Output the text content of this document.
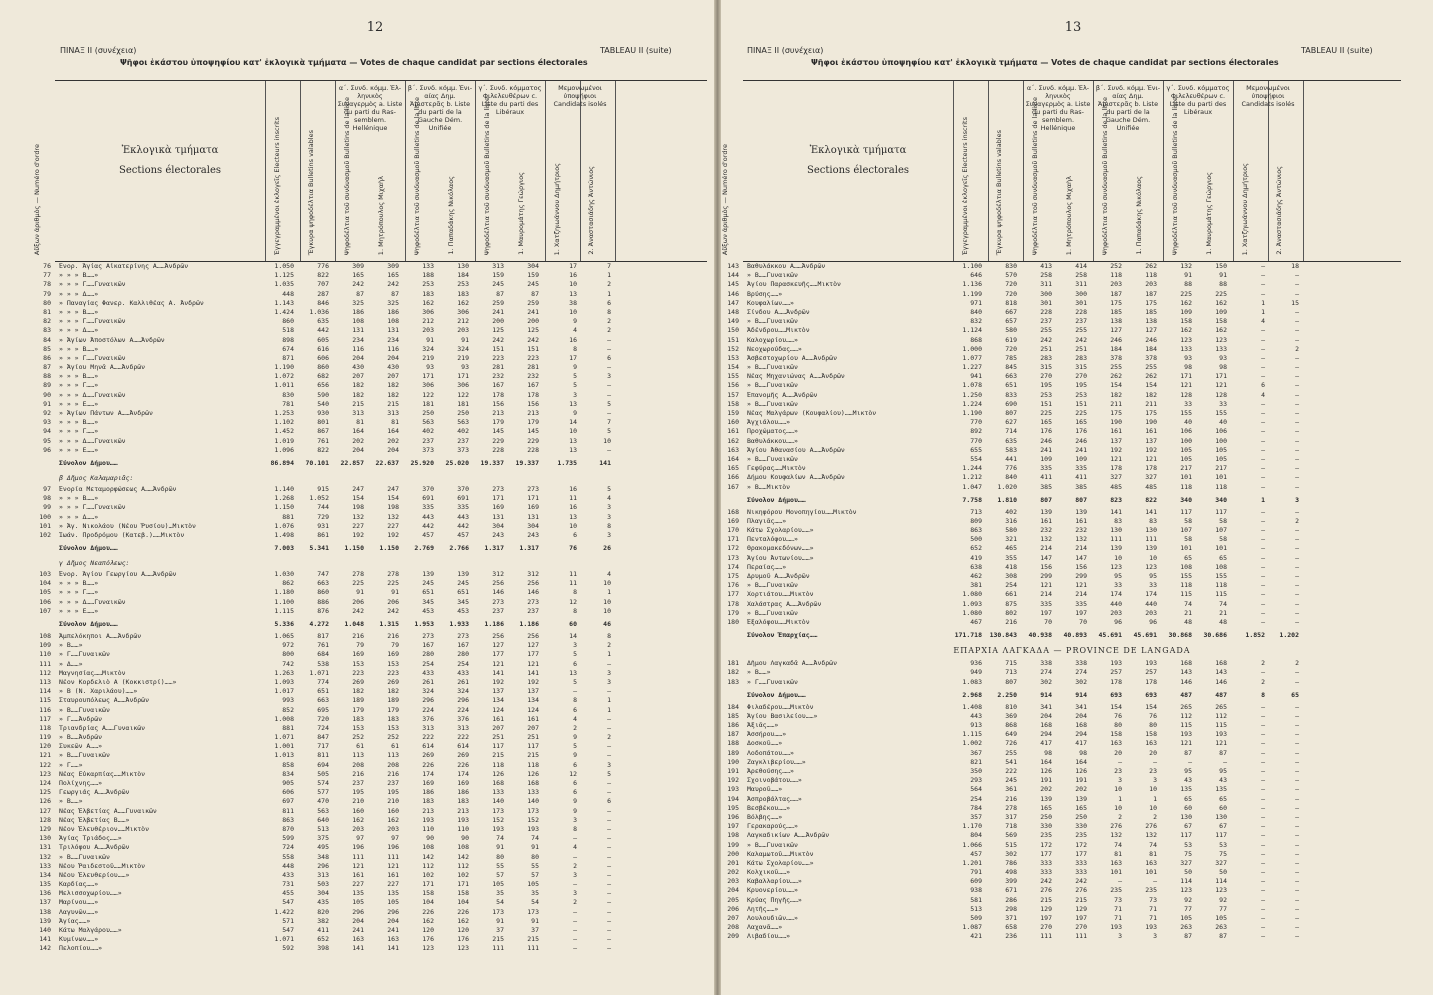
12
ΠΙΝΑΞ II (συνέχεια)	TABLEAU II (suite)
Ψῆφοι ἑκάστου ὑποψηφίου κατ' ἐκλογικὰ τμήματα — Votes de chaque candidat par sections électorales
Ἐκλογικὰ τμήματα
Sections électorales
Αὔξων ἀριθμὸς — Numéro d'ordre	Ἐγγεγραμμένοι ἐκλογεῖς Electeurs inscrits	Ἔγκυρα ψηφοδέλτια Bulletins valables	Ψηφοδέλτια τοῦ συνδυασμοῦ Bulletins de la liste	1. Μητρόπουλος Μιχαὴλ	Ψηφοδέλτια τοῦ συνδυασμοῦ Bulletins de la liste	1. Παπαδάκης Νικόλαος	Ψηφοδέλτια τοῦ συνδυασμοῦ Bulletins de la liste	1. Μαυρομάτης Γεώργιος	1. Χατζηιωάννου Δημήτριος	2. Ἀναστασιάδης Ἀντώνιος
α΄. Συνδ. κόμμ. Ἑλ-ληνικὸς Συναγερμὸς a. Liste du parti du Ras-semblem. Hellénique
β΄. Συνδ. κόμμ. Ἑνι-αίας Δημ. Ἀριστερᾶς b. Liste du parti de la Gauche Dém. Unifiée
γ΄. Συνδ. κόμματος Φιλελευθέρων c. Liste du parti des Libéraux
Μεμονωμένοι ὑποψήφιοι Candidats isolés
76 Ἑνορ. Ἁγίας Αἰκατερίνης Α……Ἀνδρῶν	1.050	776	309	309	133	130	313	304	17	7
77 » » » Β……»	1.125	822	165	165	188	184	159	159	16	1
78 » » » Γ……Γυναικῶν	1.035	707	242	242	253	253	245	245	10	2
79 » » » Δ……»	448	287	87	87	183	183	87	87	13	1
80 » Παναγίας Φανερ. Καλλιθέας Α. Ἀνδρῶν	1.143	846	325	325	162	162	259	259	38	6
81 » » » Β……»	1.424	1.036	186	186	306	306	241	241	10	8
82 » » » Γ……Γυναικῶν	860	635	108	108	212	212	200	200	9	2
83 » » » Δ……»	518	442	131	131	203	203	125	125	4	2
84 » Ἁγίων Ἀποστόλων Α……Ἀνδρῶν	898	605	234	234	91	91	242	242	16	—
85 » » » Β……»	674	616	116	116	324	324	151	151	8	—
86 » » » Γ……Γυναικῶν	871	606	204	204	219	219	223	223	17	6
87 » Ἁγίου Μηνᾶ Α……Ἀνδρῶν	1.190	860	430	430	93	93	281	281	9	—
88 » » » Β……»	1.072	682	207	207	171	171	232	232	5	3
89 » » » Γ……»	1.011	656	182	182	306	306	167	167	5	—
90 » » » Δ……Γυναικῶν	830	590	182	182	122	122	178	178	3	—
91 » » » Ε……»	781	540	215	215	181	181	156	156	13	5
92 » Ἁγίων Πάντων Α……Ἀνδρῶν	1.253	930	313	313	250	250	213	213	9	—
93 » » » Β……»	1.102	801	81	81	563	563	179	179	14	7
94 » » » Γ……»	1.452	867	164	164	402	402	145	145	10	5
95 » » » Δ……Γυναικῶν	1.019	761	202	202	237	237	229	229	13	10
96 » » » Ε……»	1.096	822	204	204	373	373	228	228	13	—
Σύνολον Δήμου……	86.894	70.101	22.857	22.637	25.920	25.020	19.337	19.337	1.735	141
β Δῆμος Καλαμαριᾶς:
97 Ἐνορία Μεταμορφώσεως Α……Ἀνδρῶν	1.140	915	247	247	370	370	273	273	16	5
98 » » » Β……»	1.268	1.052	154	154	691	691	171	171	11	4
99 » » » Γ……Γυναικῶν	1.150	744	198	198	335	335	169	169	16	3
100 » » » Δ……»	881	729	132	132	443	443	131	131	13	3
101 » Ἁγ. Νικολάου (Νέου Ῥυσίου)…Μικτὸν	1.076	931	227	227	442	442	304	304	10	8
102 Ἰωάν. Προδρόμου (Κατεβ.)……Μικτὸν	1.498	861	192	192	457	457	243	243	6	3
Σύνολον Δήμου……	7.003	5.341	1.150	1.150	2.769	2.766	1.317	1.317	76	26
γ Δῆμος Νεαπόλεως:
103 Ἐνορ. Ἁγίου Γεωργίου Α……Ἀνδρῶν	1.030	747	278	278	139	139	312	312	11	4
104 » » » Β……»	862	663	225	225	245	245	256	256	11	10
105 » » » Γ……»	1.180	860	91	91	651	651	146	146	8	1
106 » » » Δ……Γυναικῶν	1.100	886	206	206	345	345	273	273	12	10
107 » » » Ε……»	1.115	876	242	242	453	453	237	237	8	10
Σύνολον Δήμου……	5.336	4.272	1.048	1.315	1.953	1.933	1.186	1.186	60	46
108 Ἀμπελόκηποι Α……Ἀνδρῶν	1.065	817	216	216	273	273	256	256	14	8
109 » Β……»	972	761	79	79	167	167	127	127	3	2
110 » Γ……Γυναικῶν	800	684	169	169	280	280	177	177	5	1
111 » Δ……»	742	538	153	153	254	254	121	121	6	—
112 Μαγνησίας……Μικτὸν	1.263	1.071	223	223	433	433	141	141	13	3
113 Νέον Κορδελιὸ Α (Κοκκιστρί)……»	1.093	774	269	269	261	261	192	192	5	3
114 » Β (Ν. Χαριλάου)……»	1.017	651	182	182	324	324	137	137	—	—
115 Σταυρουπόλεως Α……Ἀνδρῶν	993	663	189	189	296	296	134	134	8	1
116 » Β……Γυναικῶν	852	695	179	179	224	224	124	124	6	1
117 » Γ……Ἀνδρῶν	1.008	720	183	183	376	376	161	161	4	—
118 Τριανδρίας Α……Γυναικῶν	881	724	153	153	313	313	207	207	2	—
119 » Β……Ἀνδρῶν	1.071	847	252	252	222	222	251	251	9	2
120 Συκεῶν Α……»	1.001	717	61	61	614	614	117	117	5	—
121 » Β……Γυναικῶν	1.013	811	113	113	269	269	215	215	9	—
122 » Γ……»	858	694	208	208	226	226	118	118	6	3
123 Νέας Εὐκαρπίας……Μικτὸν	834	505	216	216	174	174	126	126	12	5
124 Πολίχνης……»	905	574	237	237	169	169	168	168	6	—
125 Γεωργιάς Α……Ἀνδρῶν	606	577	195	195	186	186	133	133	6	—
126 » Β……»	697	470	210	210	183	183	140	140	9	6
127 Νέας Ἐλβετίας Α……Γυναικῶν	811	563	160	160	213	213	173	173	9	—
128 Νέας Ἐλβετίας Β……»	863	640	162	162	193	193	152	152	3	—
129 Νέον Ἐλευθέριον……Μικτὸν	870	513	203	203	110	110	193	193	8	—
130 Ἁγίας Τριάδος……»	599	375	97	97	90	90	74	74	—	—
131 Τριλόφου Α……Ἀνδρῶν	724	495	196	196	108	108	91	91	4	—
132 » Β……Γυναικῶν	558	348	111	111	142	142	80	80	—	—
133 Νέου Ῥαιδεστοῦ……Μικτὸν	448	296	121	121	112	112	55	55	2	—
134 Νέου Ἐλευθερίου……»	433	313	161	161	102	102	57	57	3	—
135 Καρδίας……»	731	503	227	227	171	171	105	105	—	—
136 Μελισσοχωρίου……»	455	304	135	135	158	158	35	35	3	—
137 Μαρίνου……»	547	435	105	105	104	104	54	54	2	—
138 Λαγυνῶν……»	1.422	820	296	296	226	226	173	173	—	—
139 Ἀγίας……»	571	382	204	204	162	162	91	91	—	—
140 Κάτω Μαλγάρου……»	547	411	241	241	120	120	37	37	—	—
141 Κυμίνων……»	1.071	652	163	163	176	176	215	215	—	—
142 Πελοπίου……»	592	398	141	141	123	123	111	111	—	—
13
ΠΙΝΑΞ II (συνέχεια)	TABLEAU II (suite)
Ψῆφοι ἑκάστου ὑποψηφίου κατ' ἐκλογικὰ τμήματα — Votes de chaque candidat par sections électorales
Ἐκλογικὰ τμήματα
Sections électorales
Αὔξων ἀριθμὸς — Numéro d'ordre	Ἐγγεγραμμένοι ἐκλογεῖς Electeurs inscrits	Ἔγκυρα ψηφοδέλτια Bulletins valables	Ψηφοδέλτια τοῦ συνδυασμοῦ Bulletins de la liste	1. Μητρόπουλος Μιχαὴλ	Ψηφοδέλτια τοῦ συνδυασμοῦ Bulletins de la liste	1. Παπαδάκης Νικόλαος	Ψηφοδέλτια τοῦ συνδυασμοῦ Bulletins de la liste	1. Μαυρομάτης Γεώργιος	1. Χατζηιωάννου Δημήτριος	2. Ἀναστασιάδης Ἀντώνιος
α΄. Συνδ. κόμμ. Ἑλ-ληνικὸς Συναγερμὸς a. Liste du parti du Ras-semblem. Hellénique
β΄. Συνδ. κόμμ. Ἑνι-αίας Δημ. Ἀριστερᾶς b. Liste du parti de la Gauche Dém. Unifiée
γ΄. Συνδ. κόμματος Φιλελευθέρων c. Liste du parti des Libéraux
Μεμονωμένοι ὑποψήφιοι Candidats isolés
143 Βαθυλάκκου Α……Ἀνδρῶν	1.100	830	413	414	252	262	132	150	—	18
144 » Β……Γυναικῶν	646	570	258	258	118	118	91	91	—	—
145 Ἄγίου Παρασκευῆς……Μικτὸν	1.136	720	311	311	203	203	88	88	—	—
146 Βρύσης……»	1.199	720	300	300	187	187	225	225	—	—
147 Κουφαλίων……»	971	818	301	301	175	175	162	162	1	15
148 Σίνδου Α……Ἀνδρῶν	840	667	228	228	185	185	109	109	1	—
149 » Β……Γυναικῶν	832	657	237	237	138	138	158	158	4	—
150 Ἀδένδρου……Μικτὸν	1.124	580	255	255	127	127	162	162	—	—
151 Καλοχωρίου……»	868	619	242	242	246	246	123	123	—	—
152 Νεοχωρούδας……»	1.000	720	251	251	184	184	133	133	—	2
153 Ἀσβεστοχωρίου Α……Ἀνδρῶν	1.077	785	283	283	378	378	93	93	—	—
154 » Β……Γυναικῶν	1.227	845	315	315	255	255	98	98	—	—
155 Νέας Μηχανιώνας Α……Ἀνδρῶν	941	663	270	270	262	262	171	171	—	—
156 » Β……Γυναικῶν	1.078	651	195	195	154	154	121	121	6	—
157 Ἐπανομῆς Α……Ἀνδρῶν	1.250	833	253	253	182	182	128	128	4	—
158 » Β……Γυναικῶν	1.224	690	151	151	211	211	33	33	—	—
159 Νέας Μαλγάρων (Κουφαλίου)……Μικτὸν	1.190	807	225	225	175	175	155	155	—	—
160 Ἀγχιάλου……»	770	627	165	165	190	190	40	40	—	—
161 Προχώματος……»	892	714	176	176	161	161	106	106	—	—
162 Βαθυλάκκου……»	770	635	246	246	137	137	100	100	—	—
163 Ἁγίου Ἀθανασίου Α……Ἀνδρῶν	655	583	241	241	192	192	105	105	—	—
164 » Β……Γυναικῶν	554	441	109	109	121	121	105	105	—	—
165 Γεφύρας……Μικτὸν	1.244	776	335	335	178	178	217	217	—	—
166 Δήμου Κουφαλίων Α……Ἀνδρῶν	1.212	840	411	411	327	327	101	101	—	—
167 » Β……Μικτὸν	1.047	1.020	385	385	485	485	118	118	—	—
Σύνολον Δήμου……	7.758	1.810	807	807	823	822	340	340	1	3
168 Νικηφόρου Μονοπηγίου……Μικτὸν	713	402	139	139	141	141	117	117	—	—
169 Πλαγιᾶς……»	809	316	161	161	83	83	58	58	—	2
170 Κάτω Σχολαρίου……»	863	580	232	232	130	130	107	107	—	—
171 Πενταλόφου……»	500	321	132	132	111	111	58	58	—	—
172 Θρακομακεδόνων……»	652	465	214	214	139	139	101	101	—	—
173 Ἁγίου Ἀντωνίου……»	419	355	147	147	10	10	65	65	—	—
174 Περαίας……»	638	418	156	156	123	123	108	108	—	—
175 Δρυμοῦ Α……Ἀνδρῶν	462	308	299	299	95	95	155	155	—	—
176 » Β……Γυναικῶν	381	254	121	121	33	33	118	118	—	—
177 Χορτιάτου……Μικτὸν	1.080	661	214	214	174	174	115	115	—	—
178 Χαλάστρας Α……Ἀνδρῶν	1.093	875	335	335	440	440	74	74	—	—
179 » Β……Γυναικῶν	1.080	802	197	197	203	203	21	21	—	—
180 Ἐξαλόφου……Μικτὸν	467	216	70	70	96	96	48	48	—	—
Σύνολον Ἐπαρχίας……	171.718	130.843	40.938	40.893	45.691	45.691	30.868	30.686	1.852	1.202
ΕΠΑΡΧΙΑ ΛΑΓΚΑΔΑ — PROVINCE DE LANGADA
181 Δῆμου Λαγκαδᾶ Α……Ἀνδρῶν	936	715	338	338	193	193	168	168	2	2
182 » Β……»	949	713	274	274	257	257	143	143	—	—
183 » Γ……Γυναικῶν	1.083	807	302	302	178	178	146	146	2	—
Σύνολον Δήμου……	2.968	2.250	914	914	693	693	487	487	8	65
184 Φιλαδέρου……Μικτὸν	1.408	810	341	341	154	154	265	265	—	—
185 Ἁγίου Βασιλείου……»	443	369	204	204	76	76	112	112	—	—
186 Ἀξιᾶς……»	913	868	168	168	80	80	115	115	—	—
187 Ἀσσήρου……»	1.115	649	294	294	158	158	193	193	—	—
188 Δοσκοῦ……»	1.002	726	417	417	163	163	121	121	—	—
189 Λοδοπάτου……»	367	255	98	98	20	20	87	87	—	—
190 Ζαγκλιβερίου……»	821	541	164	164	—	—	—	—	—	—
191 Ἀρεθούσης……»	350	222	126	126	23	23	95	95	—	—
192 Σχοινοβάτου……»	293	245	191	191	3	3	43	43	—	—
193 Μαυροῦ……»	564	361	202	202	10	10	135	135	—	—
194 Ἀσπροβάλτας……»	254	216	139	139	1	1	65	65	—	—
195 Βεσβέκου……»	784	278	165	165	10	10	60	60	—	—
196 Βόλβης……»	357	317	250	250	2	2	130	130	—	—
197 Γερακαρούς……»	1.170	718	330	330	276	276	67	67	—	—
198 Λαγκαδικίων Α……Ἀνδρῶν	804	569	235	235	132	132	117	117	—	—
199 » Β……Γυναικῶν	1.066	515	172	172	74	74	53	53	—	—
200 Καλαμωτοῦ……Μικτὸν	457	302	177	177	81	81	75	75	—	—
201 Κάτω Σχολαρίου……»	1.201	786	333	333	163	163	327	327	—	—
202 Κολχικοῦ……»	791	498	333	333	101	101	50	50	—	—
203 Καβαλλαρίου……»	609	399	242	242	—	—	114	114	—	—
204 Κρυονερίου……»	938	671	276	276	235	235	123	123	—	—
205 Κρύας Πηγῆς……»	581	286	215	215	73	73	92	92	—	—
206 Λητῆς……»	513	298	129	129	71	71	77	77	—	—
207 Λουλουδιῶν……»	509	371	197	197	71	71	105	105	—	—
208 Λαχανᾶ……»	1.087	658	270	270	193	193	263	263	—	—
209 Λιβαδίου……»	421	236	111	111	3	3	87	87	—	—
